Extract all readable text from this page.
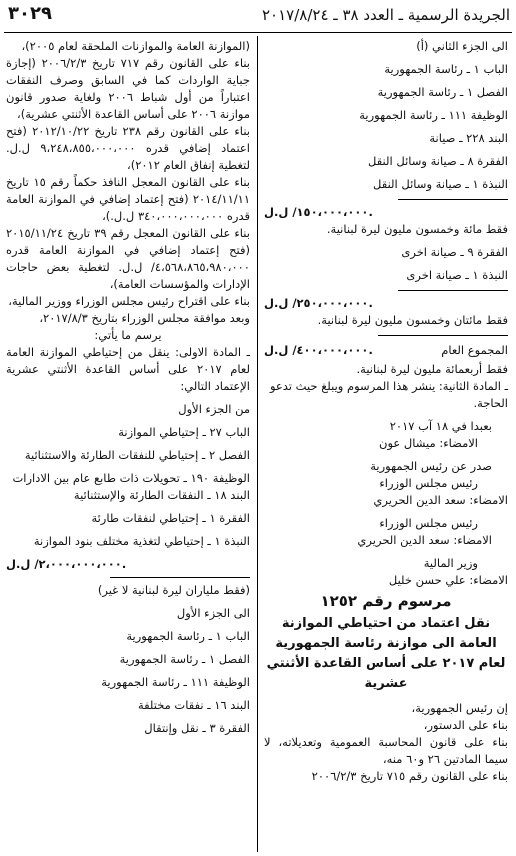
الجريدة الرسمية ـ العدد ٣٨ ـ ٢٠١٧/٨/٢٤
٣٠٢٩

الى الجزء الثاني (أ)

الباب ١ ـ رئاسة الجمهورية

الفصل ١ ـ رئاسة الجمهورية

الوظيفة ١١١ ـ رئاسة الجمهورية

البند ٢٢٨ ـ صيانة

الفقرة ٨ ـ صيانة وسائل النقل

النبذة ١ ـ صيانة وسائل النقل

١٥٠،٠٠٠،٠٠٠/ ل.ل.

فقط مائة وخمسون مليون ليرة لبنانية.

الفقرة ٩ ـ صيانة اخرى

النبذة ١ ـ صيانة اخرى

٢٥٠،٠٠٠،٠٠٠/ ل.ل.

فقط مائتان وخمسون مليون ليرة لبنانية.

المجموع العام
٤٠٠،٠٠٠،٠٠٠/ ل.ل.

فقط أربعمائة مليون ليرة لبنانية.

ـ المادة الثانية: ينشر هذا المرسوم ويبلغ حيث تدعو الحاجة.

بعبدا في ١٨ آب ٢٠١٧

الامضاء: ميشال عون

صدر عن رئيس الجمهورية

رئيس مجلس الوزراء

الامضاء: سعد الدين الحريري

رئيس مجلس الوزراء

الامضاء: سعد الدين الحريري

وزير المالية

الامضاء: علي حسن خليل

مرسوم رقم ١٢٥٢

نقل اعتماد من احتياطي الموازنة العامة الى موازنة رئاسة الجمهورية لعام ٢٠١٧ على أساس القاعدة الأثنتي عشرية

إن رئيس الجمهورية،

بناء على الدستور،

بناء على قانون المحاسبة العمومية وتعديلاته، لا سيما المادتين ٢٦ و٦٠ منه،

بناء على القانون رقم ٧١٥ تاريخ ٢٠٠٦/٢/٣

(الموازنة العامة والموازنات الملحقة لعام ٢٠٠٥)،

بناء على القانون رقم ٧١٧ تاريخ ٢٠٠٦/٢/٣ (إجازة جباية الواردات كما في السابق وصرف النفقات اعتباراً من أول شباط ٢٠٠٦ ولغاية صدور قانون موازنة ٢٠٠٦ على أساس القاعدة الأثنتي عشرية)،

بناء على القانون رقم ٢٣٨ تاريخ ٢٠١٢/١٠/٢٢ (فتح اعتماد إضافي قدره ٩،٢٤٨،٨٥٥،٠٠٠،٠٠٠ ل.ل. لتغطية إنفاق العام ٢٠١٢)،

بناء على القانون المعجل النافذ حكماً رقم ١٥ تاريخ ٢٠١٤/١١/١١ (فتح إعتماد إضافي في الموازنة العامة قدره ٣٤٠،٠٠٠،٠٠٠،٠٠٠ ل.ل.)،

بناء على القانون المعجل رقم ٣٩ تاريخ ٢٠١٥/١١/٢٤ (فتح إعتماد إضافي في الموازنة العامة قدره ٤،٥٦٨،٨٦٥،٩٨٠،٠٠٠/ ل.ل. لتغطية بعض حاجات الإدارات والمؤسسات العامة)،

بناء على اقتراح رئيس مجلس الوزراء ووزير المالية،

وبعد موافقة مجلس الوزراء بتاريخ ٢٠١٧/٨/٣،

يرسم ما يأتي:

ـ المادة الاولى: ينقل من إحتياطي الموازنة العامة لعام ٢٠١٧ على أساس القاعدة الأثنتي عشرية الإعتماد التالي:

من الجزء الأول

الباب ٢٧ ـ إحتياطي الموازنة

الفصل ٢ ـ إحتياطي للنفقات الطارئة والاستثنائية

الوظيفة ١٩٠ ـ تحويلات ذات طابع عام بين الادارات

البند ١٨ ـ النفقات الطارئة والإستثنائية

الفقرة ١ ـ إحتياطي لنفقات طارئة

النبذة ١ ـ إحتياطي لتغذية مختلف بنود الموازنة

٢،٠٠٠،٠٠٠،٠٠٠/ ل.ل.

(فقط ملياران ليرة لبنانية لا غير)

الى الجزء الأول

الباب ١ ـ رئاسة الجمهورية

الفصل ١ ـ رئاسة الجمهورية

الوظيفة ١١١ ـ رئاسة الجمهورية

البند ١٦ ـ نفقات مختلفة

الفقرة ٣ ـ نقل وإنتقال
